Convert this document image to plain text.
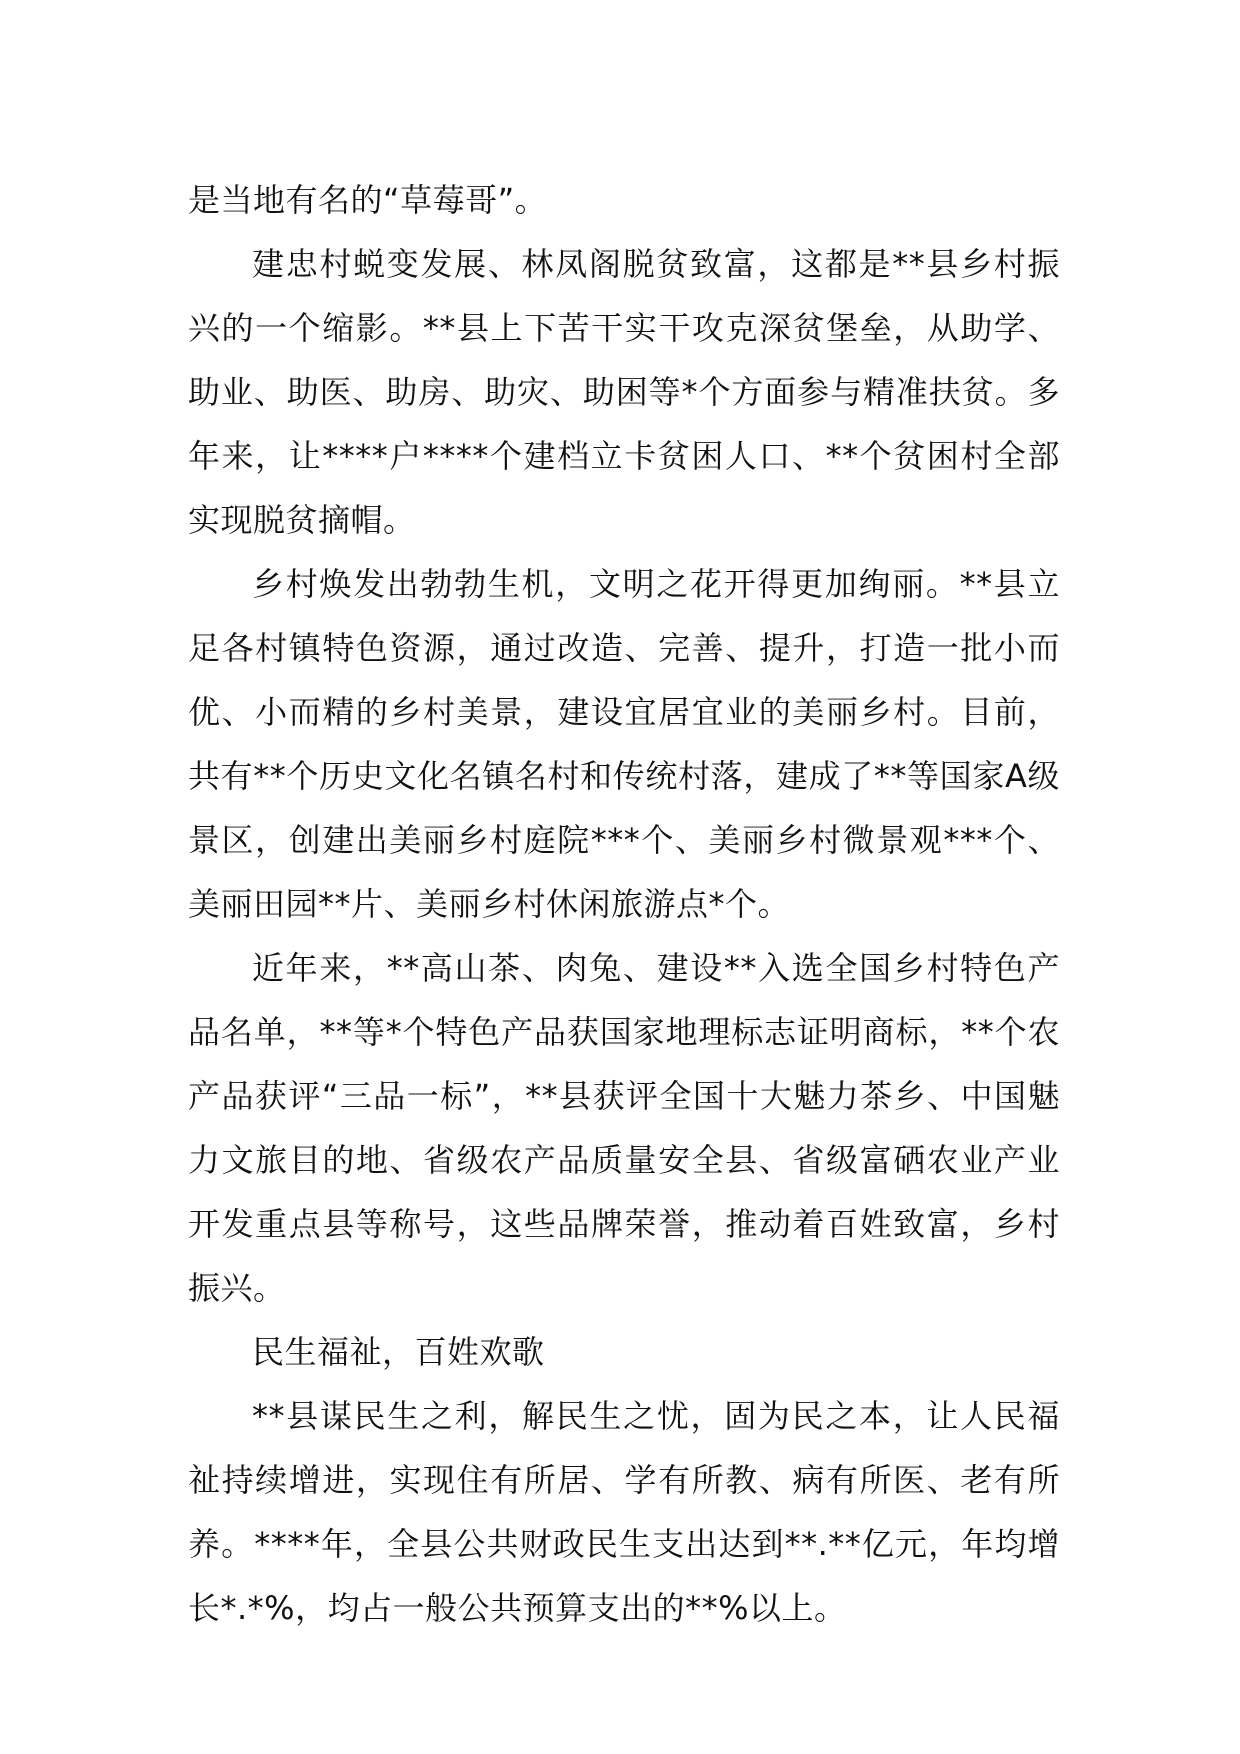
是当地有名的“草莓哥”。

建忠村蜕变发展、林凤阁脱贫致富，这都是**县乡村振兴的一个缩影。**县上下苦干实干攻克深贫堡垒，从助学、助业、助医、助房、助灾、助困等*个方面参与精准扶贫。多年来，让****户****个建档立卡贫困人口、**个贫困村全部实现脱贫摘帽。

乡村焕发出勃勃生机，文明之花开得更加绚丽。**县立足各村镇特色资源，通过改造、完善、提升，打造一批小而优、小而精的乡村美景，建设宜居宜业的美丽乡村。目前，共有**个历史文化名镇名村和传统村落，建成了**等国家A级景区，创建出美丽乡村庭院***个、美丽乡村微景观***个、美丽田园**片、美丽乡村休闲旅游点*个。

近年来，**高山茶、肉兔、建设**入选全国乡村特色产品名单，**等*个特色产品获国家地理标志证明商标，**个农产品获评“三品一标”，**县获评全国十大魅力茶乡、中国魅力文旅目的地、省级农产品质量安全县、省级富硒农业产业开发重点县等称号，这些品牌荣誉，推动着百姓致富，乡村振兴。

民生福祉，百姓欢歌

**县谋民生之利，解民生之忧，固为民之本，让人民福祉持续增进，实现住有所居、学有所教、病有所医、老有所养。****年，全县公共财政民生支出达到**.**亿元，年均增长*.*%，均占一般公共预算支出的**%以上。
